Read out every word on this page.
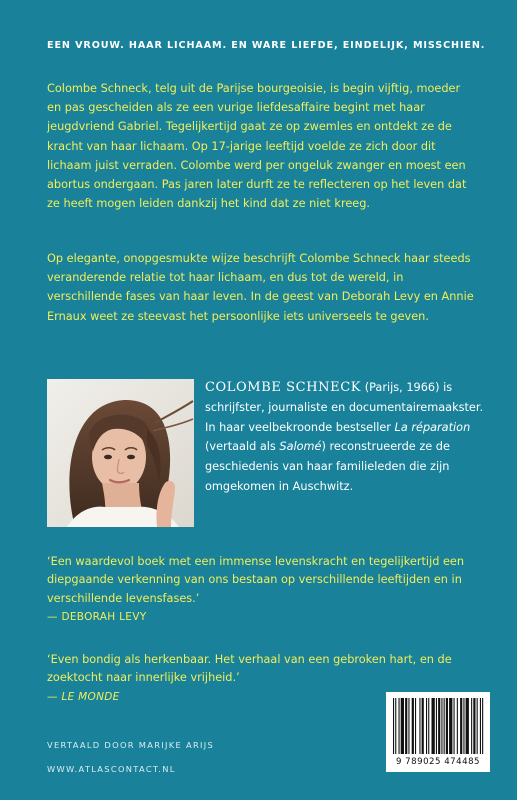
EEN VROUW. HAAR LICHAAM. EN WARE LIEFDE, EINDELIJK, MISSCHIEN.

Colombe Schneck, telg uit de Parijse bourgeoisie, is begin vijftig, moeder en pas gescheiden als ze een vurige liefdesaffaire begint met haar jeugdvriend Gabriel. Tegelijkertijd gaat ze op zwemles en ontdekt ze de kracht van haar lichaam. Op 17-jarige leeftijd voelde ze zich door dit lichaam juist verraden. Colombe werd per ongeluk zwanger en moest een abortus ondergaan. Pas jaren later durft ze te reflecteren op het leven dat ze heeft mogen leiden dankzij het kind dat ze niet kreeg.

Op elegante, onopgesmukte wijze beschrijft Colombe Schneck haar steeds veranderende relatie tot haar lichaam, en dus tot de wereld, in verschillende fases van haar leven. In de geest van Deborah Levy en Annie Ernaux weet ze steevast het persoonlijke iets universeels te geven.

COLOMBE SCHNECK (Parijs, 1966) is schrijfster, journaliste en documentairemaakster. In haar veelbekroonde bestseller La réparation (vertaald als Salomé) reconstrueerde ze de geschiedenis van haar familieleden die zijn omgekomen in Auschwitz.

‘Een waardevol boek met een immense levenskracht en tegelijkertijd een diepgaande verkenning van ons bestaan op verschillende leeftijden en in verschillende levensfases.’
— DEBORAH LEVY

‘Even bondig als herkenbaar. Het verhaal van een gebroken hart, en de zoektocht naar innerlijke vrijheid.’
— LE MONDE

VERTAALD DOOR MARIJKE ARIJS
WWW.ATLASCONTACT.NL
9 789025 474485
